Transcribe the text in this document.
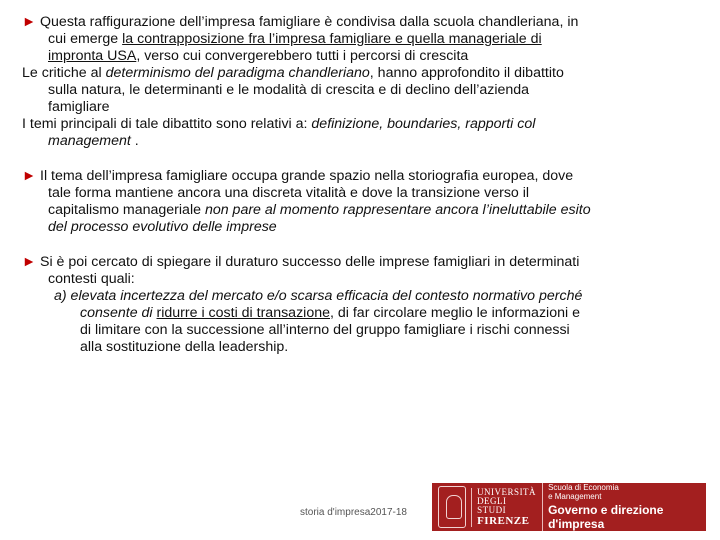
► Questa raffigurazione dell’impresa famigliare è condivisa dalla scuola chandleriana, in cui emerge la contrapposizione fra l’impresa famigliare e quella manageriale di impronta USA, verso cui convergerebbero tutti i percorsi di crescita

Le critiche al determinismo del paradigma chandleriano, hanno approfondito il dibattito sulla natura, le determinanti e le modalità di crescita e di declino dell’azienda famigliare

I temi principali di tale dibattito sono relativi a: definizione, boundaries, rapporti col management .

► Il tema dell’impresa famigliare occupa grande spazio nella storiografia europea, dove tale forma mantiene ancora una discreta vitalità e dove la transizione verso il capitalismo manageriale non pare al momento rappresentare ancora l’ineluttabile esito del processo evolutivo delle imprese

► Si è poi cercato di spiegare il duraturo successo delle imprese famigliari in determinati contesti quali:

a) elevata incertezza del mercato e/o scarsa efficacia del contesto normativo perché consente di ridurre i costi di transazione, di far circolare meglio le informazioni e di limitare con la successione all’interno del gruppo famigliare i rischi connessi alla sostituzione della leadership.

storia d'impresa2017-18
UNIVERSITÀ
DEGLI STUDI
FIRENZE
Scuola di Economia
e Management
Governo e direzione d'impresa
